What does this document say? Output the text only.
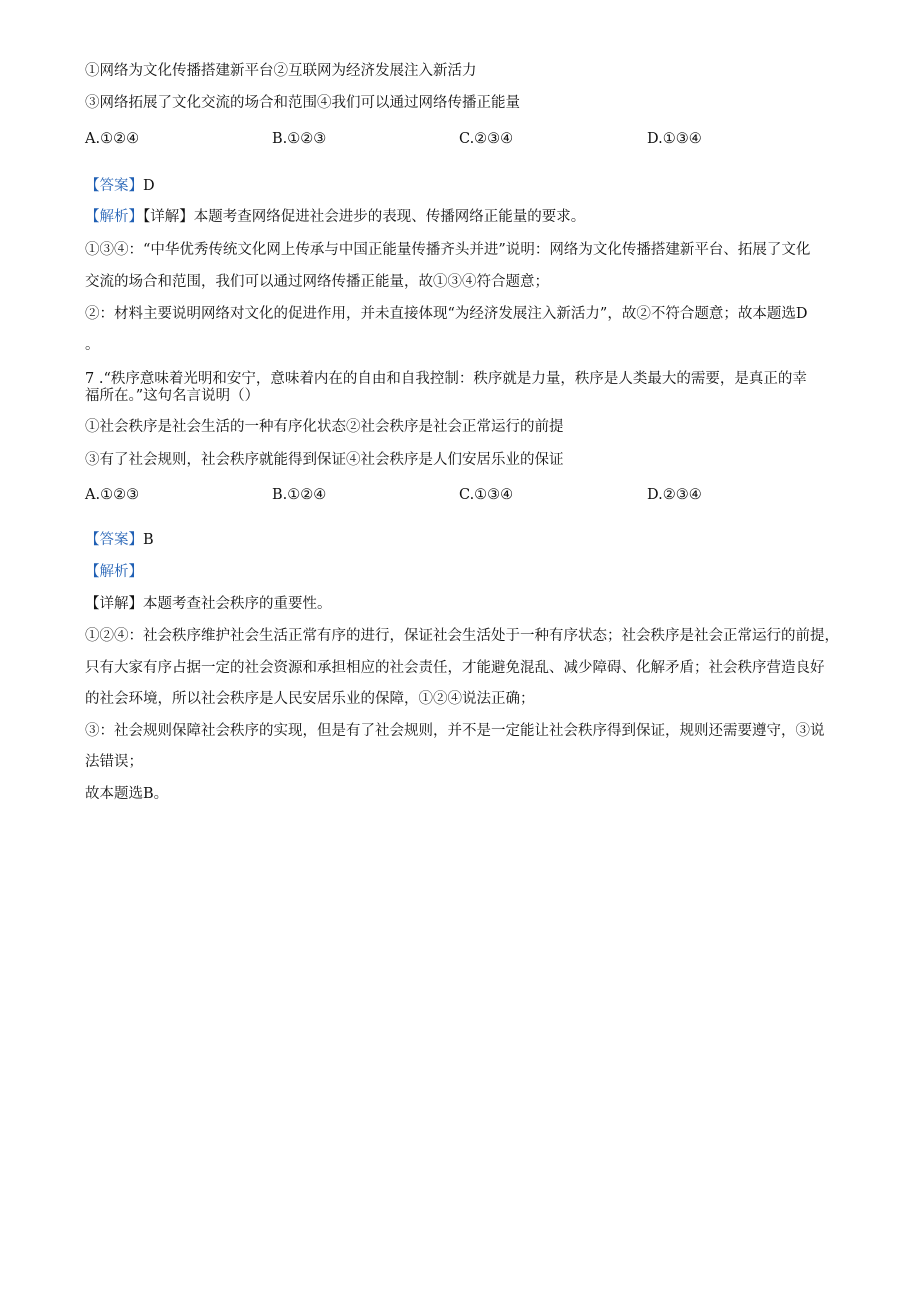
①网络为文化传播搭建新平台②互联网为经济发展注入新活力
③网络拓展了文化交流的场合和范围④我们可以通过网络传播正能量
A.①②④	B.①②③	C.②③④	D.①③④
【答案】D
【解析】【详解】本题考查网络促进社会进步的表现、传播网络正能量的要求。
①③④：“中华优秀传统文化网上传承与中国正能量传播齐头并进”说明：网络为文化传播搭建新平台、拓展了文化
交流的场合和范围，我们可以通过网络传播正能量，故①③④符合题意；
②：材料主要说明网络对文化的促进作用，并未直接体现“为经济发展注入新活力”，故②不符合题意；故本题选D
。
7 .“秩序意味着光明和安宁，意味着内在的自由和自我控制：秩序就是力量，秩序是人类最大的需要，是真正的幸
福所在。”这句名言说明（）
①社会秩序是社会生活的一种有序化状态②社会秩序是社会正常运行的前提
③有了社会规则，社会秩序就能得到保证④社会秩序是人们安居乐业的保证
A.①②③	B.①②④	C.①③④	D.②③④
【答案】B
【解析】
【详解】本题考查社会秩序的重要性。
①②④：社会秩序维护社会生活正常有序的进行，保证社会生活处于一种有序状态；社会秩序是社会正常运行的前提，
只有大家有序占据一定的社会资源和承担相应的社会责任，才能避免混乱、减少障碍、化解矛盾；社会秩序营造良好
的社会环境，所以社会秩序是人民安居乐业的保障，①②④说法正确；
③：社会规则保障社会秩序的实现，但是有了社会规则，并不是一定能让社会秩序得到保证，规则还需要遵守，③说
法错误；
故本题选B。
